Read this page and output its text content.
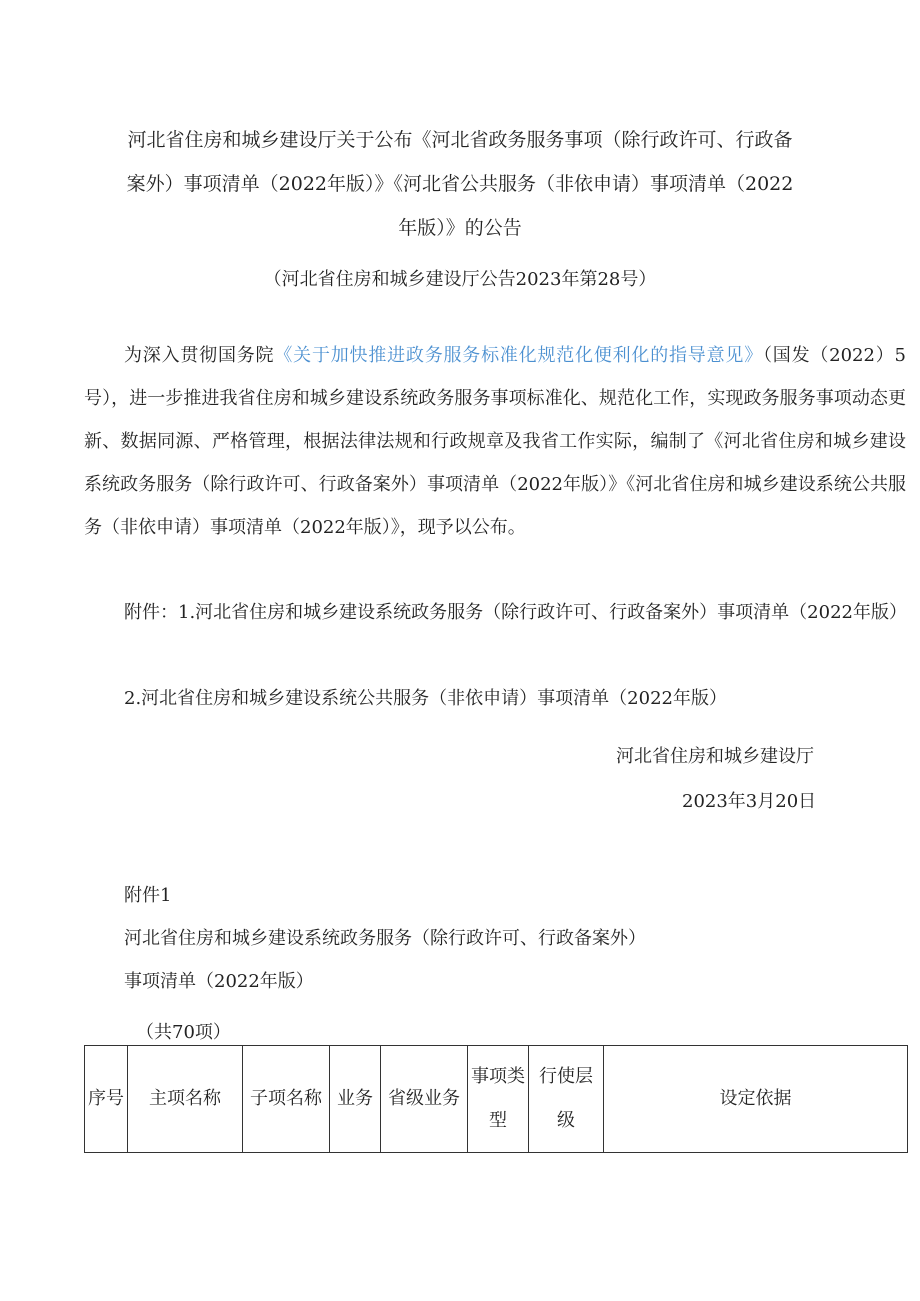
河北省住房和城乡建设厅关于公布《河北省政务服务事项（除行政许可、行政备
案外）事项清单（2022年版）》《河北省公共服务（非依申请）事项清单（2022
年版）》的公告
（河北省住房和城乡建设厅公告2023年第28号）
为深入贯彻国务院《关于加快推进政务服务标准化规范化便利化的指导意见》（国发（2022）5号），进一步推进我省住房和城乡建设系统政务服务事项标准化、规范化工作，实现政务服务事项动态更新、数据同源、严格管理，根据法律法规和行政规章及我省工作实际，编制了《河北省住房和城乡建设系统政务服务（除行政许可、行政备案外）事项清单（2022年版）》《河北省住房和城乡建设系统公共服务（非依申请）事项清单（2022年版）》，现予以公布。
附件：1.河北省住房和城乡建设系统政务服务（除行政许可、行政备案外）事项清单（2022年版）
2.河北省住房和城乡建设系统公共服务（非依申请）事项清单（2022年版）
河北省住房和城乡建设厅
2023年3月20日
附件1
河北省住房和城乡建设系统政务服务（除行政许可、行政备案外）
事项清单（2022年版）
（共70项）
序号	主项名称	子项名称	业务	省级业务	事项类型	行使层级	设定依据
